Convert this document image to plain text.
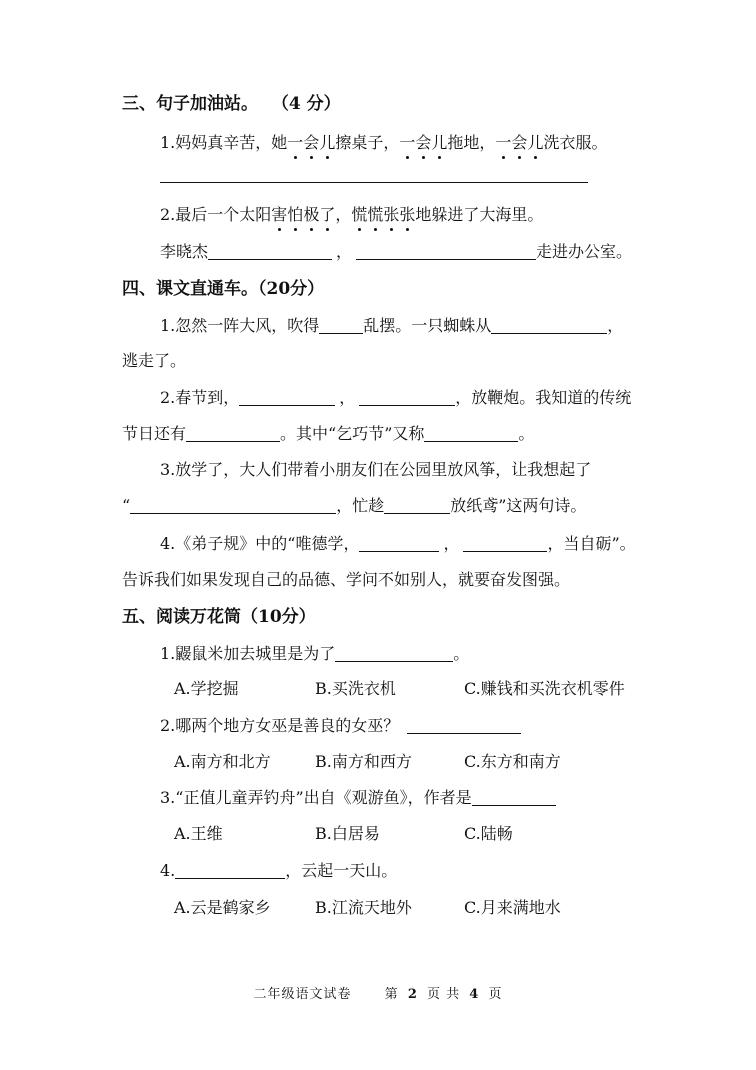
三、句子加油站。 （4 分）
1.妈妈真辛苦，她一会儿擦桌子，一会儿拖地，一会儿洗衣服。
2.最后一个太阳害怕极了，慌慌张张地躲进了大海里。
李晓杰	，	走进办公室。
四、课文直通车。（20分）
1.忽然一阵大风，吹得	乱摆。一只蜘蛛从	，
逃走了。
2.春节到，	，	，放鞭炮。我知道的传统
节日还有	。其中“乞巧节”又称	。
3.放学了，大人们带着小朋友们在公园里放风筝，让我想起了
“	，忙趁	放纸鸢”这两句诗。
4.《弟子规》中的“唯德学，	，	，当自砺”。
告诉我们如果发现自己的品德、学问不如别人，就要奋发图强。
五、阅读万花筒（10分）
1.鼹鼠米加去城里是为了	。
A.学挖掘	B.买洗衣机	C.赚钱和买洗衣机零件
2.哪两个地方女巫是善良的女巫？
A.南方和北方	B.南方和西方	C.东方和南方
3.“正值儿童弄钓舟”出自《观游鱼》，作者是
A.王维	B.白居易	C.陆畅
4.	，云起一天山。
A.云是鹤家乡	B.江流天地外	C.月来满地水
二年级语文试卷	第 2 页 共 4 页
